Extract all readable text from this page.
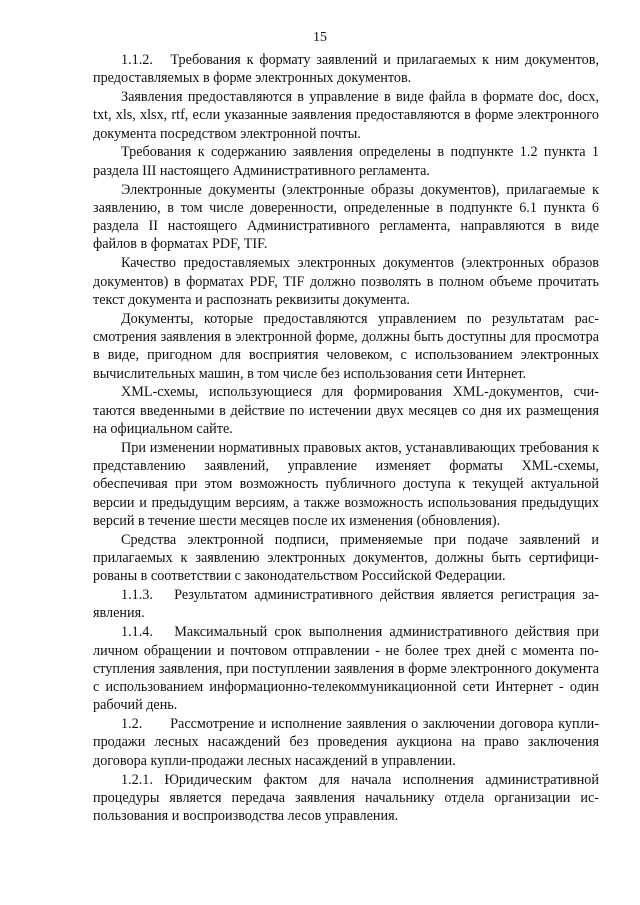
15

1.1.2.   Требования к формату заявлений и прилагаемых к ним документов, предоставляемых в форме электронных документов.

Заявления предоставляются в управление в виде файла в формате doc, docx, txt, xls, xlsx, rtf, если указанные заявления предоставляются в форме электронного документа посредством электронной почты.

Требования к содержанию заявления определены в подпункте 1.2 пункта 1 раздела III настоящего Административного регламента.

Электронные документы (электронные образы документов), прилагаемые к заявлению, в том числе доверенности, определенные в подпункте 6.1 пункта 6 раздела II настоящего Административного регламента, направляются в виде файлов в форматах PDF, TIF.

Качество предоставляемых электронных документов (электронных образов документов) в форматах PDF, TIF должно позволять в полном объеме прочитать текст документа и распознать реквизиты документа.

Документы, которые предоставляются управлением по результатам рассмотрения заявления в электронной форме, должны быть доступны для просмотра в виде, пригодном для восприятия человеком, с использованием электронных вычислительных машин, в том числе без использования сети Интернет.

XML-схемы, использующиеся для формирования XML-документов, считаются введенными в действие по истечении двух месяцев со дня их размещения на официальном сайте.

При изменении нормативных правовых актов, устанавливающих требования к представлению заявлений, управление изменяет форматы XML-схемы, обеспечивая при этом возможность публичного доступа к текущей актуальной версии и предыдущим версиям, а также возможность использования предыдущих версий в течение шести месяцев после их изменения (обновления).

Средства электронной подписи, применяемые при подаче заявлений и прилагаемых к заявлению электронных документов, должны быть сертифицированы в соответствии с законодательством Российской Федерации.

1.1.3.   Результатом административного действия является регистрация заявления.

1.1.4.   Максимальный срок выполнения административного действия при личном обращении и почтовом отправлении - не более трех дней с момента поступления заявления, при поступлении заявления в форме электронного документа с использованием информационно-телекоммуникационной сети Интернет - один рабочий день.

1.2.      Рассмотрение и исполнение заявления о заключении договора купли-продажи лесных насаждений без проведения аукциона на право заключения договора купли-продажи лесных насаждений в управлении.

1.2.1. Юридическим фактом для начала исполнения административной процедуры является передача заявления начальнику отдела организации использования и воспроизводства лесов управления.
